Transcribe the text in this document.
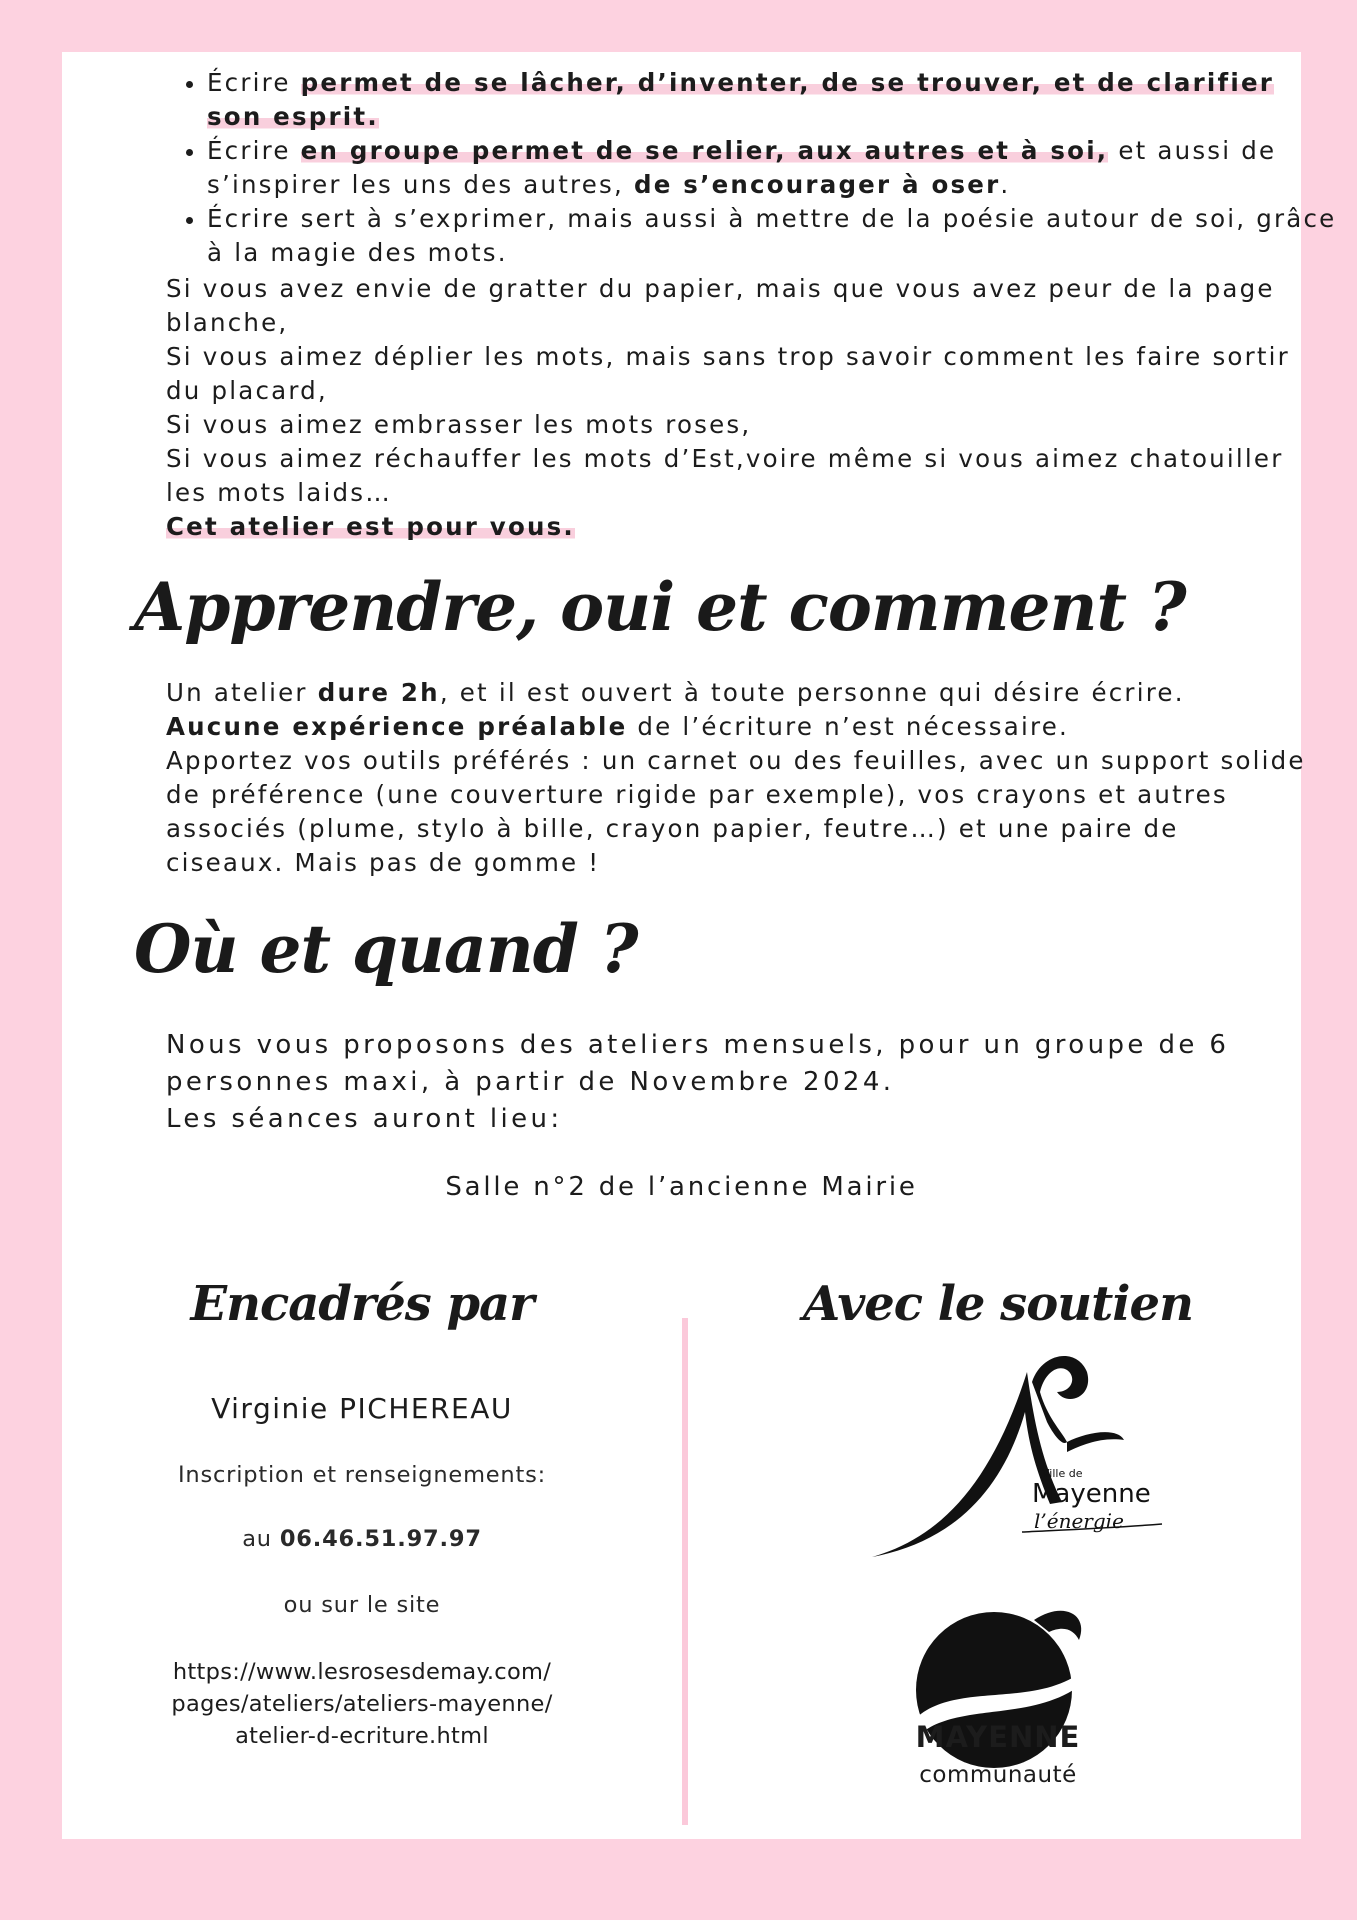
• Écrire permet de se lâcher, d’inventer, de se trouver, et de clarifier son esprit.
• Écrire en groupe permet de se relier, aux autres et à soi, et aussi de s’inspirer les uns des autres, de s’encourager à oser.
• Écrire sert à s’exprimer, mais aussi à mettre de la poésie autour de soi, grâce à la magie des mots.
Si vous avez envie de gratter du papier, mais que vous avez peur de la page blanche,
Si vous aimez déplier les mots, mais sans trop savoir comment les faire sortir du placard,
Si vous aimez embrasser les mots roses,
Si vous aimez réchauffer les mots d’Est,voire même si vous aimez chatouiller les mots laids…
Cet atelier est pour vous.
Apprendre, oui et comment ?
Un atelier dure 2h, et il est ouvert à toute personne qui désire écrire.
Aucune expérience préalable de l’écriture n’est nécessaire.
Apportez vos outils préférés : un carnet ou des feuilles, avec un support solide de préférence (une couverture rigide par exemple), vos crayons et autres associés (plume, stylo à bille, crayon papier, feutre…) et une paire de ciseaux. Mais pas de gomme !
Où et quand ?
Nous vous proposons des ateliers mensuels, pour un groupe de 6 personnes maxi, à partir de Novembre 2024.
Les séances auront lieu:
Salle n°2 de l’ancienne Mairie
Encadrés par
Virginie PICHEREAU
Inscription et renseignements:
au 06.46.51.97.97
ou sur le site
https://www.lesrosesdemay.com/
pages/ateliers/ateliers-mayenne/
atelier-d-ecriture.html
Avec le soutien
Ville de
Mayenne
l’énergie
MAYENNE
communauté
